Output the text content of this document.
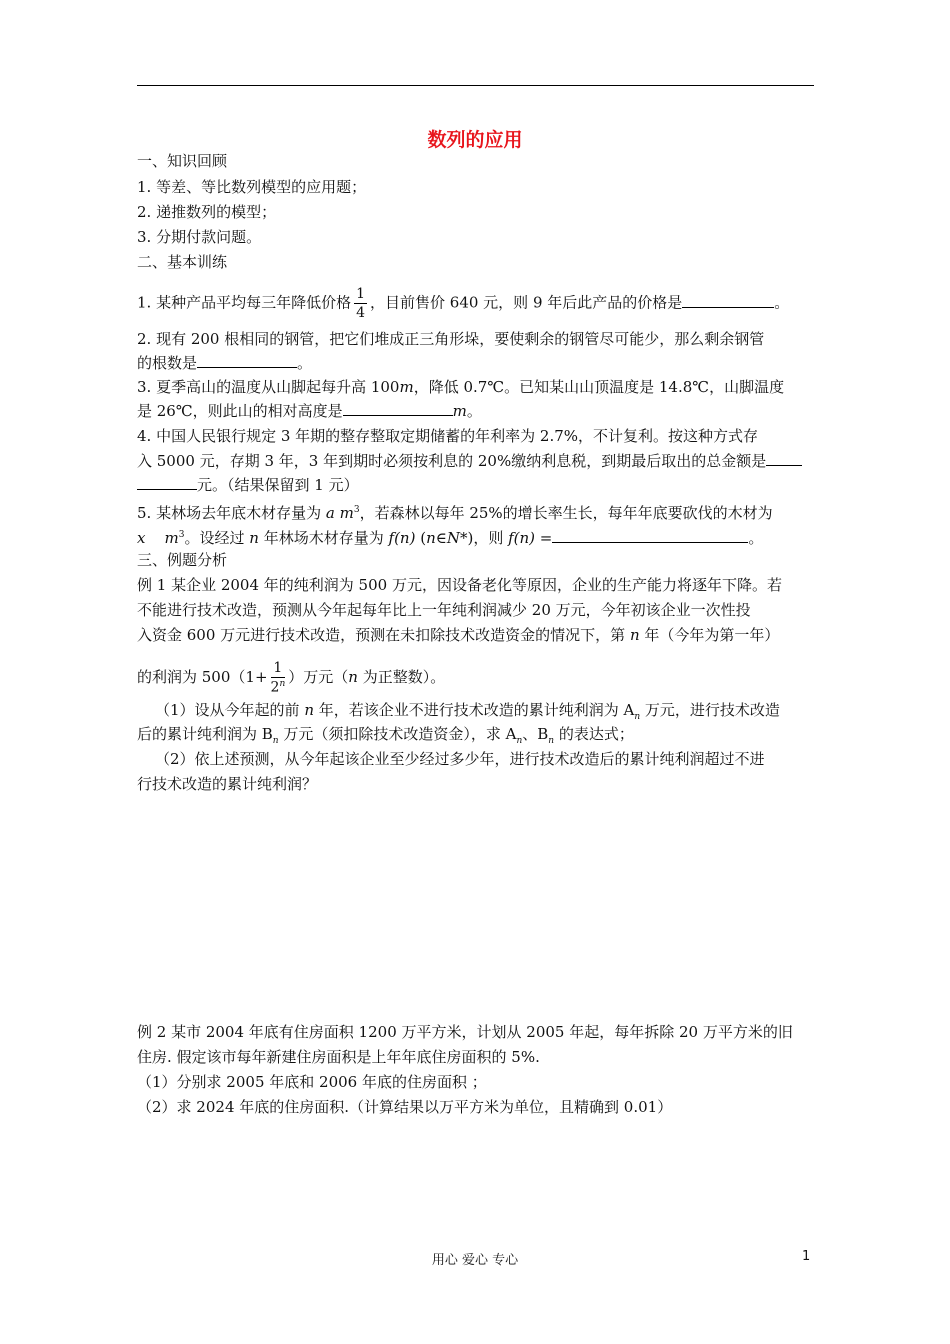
数列的应用
一、知识回顾
1. 等差、等比数列模型的应用题；
2. 递推数列的模型；
3. 分期付款问题。
二、基本训练
1. 某种产品平均每三年降低价格 $\frac{1}{4}$ ，目前售价 640 元，则 9 年后此产品的价格是	。
2. 现有 200 根相同的钢管，把它们堆成正三角形垛，要使剩余的钢管尽可能少，那么剩余钢管
的根数是	。
3. 夏季高山的温度从山脚起每升高 100m，降低 0.7℃。已知某山山顶温度是 14.8℃，山脚温度
是 26℃，则此山的相对高度是	m。
4. 中国人民银行规定 3 年期的整存整取定期储蓄的年利率为 2.7%，不计复利。按这种方式存
入 5000 元，存期 3 年，3 年到期时必须按利息的 20%缴纳利息税，到期最后取出的总金额是
元。（结果保留到 1 元）
5. 某林场去年底木材存量为 a $m^3$，若森林以每年 25%的增长率生长，每年年底要砍伐的木材为
x $m^3$。设经过 n 年林场木材存量为 f(n) (n∈N*)，则 f(n) =	。
三、例题分析
例 1 某企业 2004 年的纯利润为 500 万元，因设备老化等原因，企业的生产能力将逐年下降。若
不能进行技术改造，预测从今年起每年比上一年纯利润减少 20 万元，今年初该企业一次性投
入资金 600 万元进行技术改造，预测在未扣除技术改造资金的情况下，第 n 年（今年为第一年）
的利润为 $500(1+ \frac{1}{2^n}$ ）万元（n 为正整数）。
（1）设从今年起的前 n 年，若该企业不进行技术改造的累计纯利润为 $A_n$ 万元，进行技术改造
后的累计纯利润为 $B_n$ 万元（须扣除技术改造资金），求 $A_n$、$B_n$ 的表达式；
（2）依上述预测，从今年起该企业至少经过多少年，进行技术改造后的累计纯利润超过不进
行技术改造的累计纯利润？
例 2 某市 2004 年底有住房面积 1200 万平方米，计划从 2005 年起，每年拆除 20 万平方米的旧
住房. 假定该市每年新建住房面积是上年年底住房面积的 5%.
（1）分别求 2005 年底和 2006 年底的住房面积 ；
（2）求 2024 年底的住房面积.（计算结果以万平方米为单位，且精确到 0.01）
用心 爱心 专心	1
